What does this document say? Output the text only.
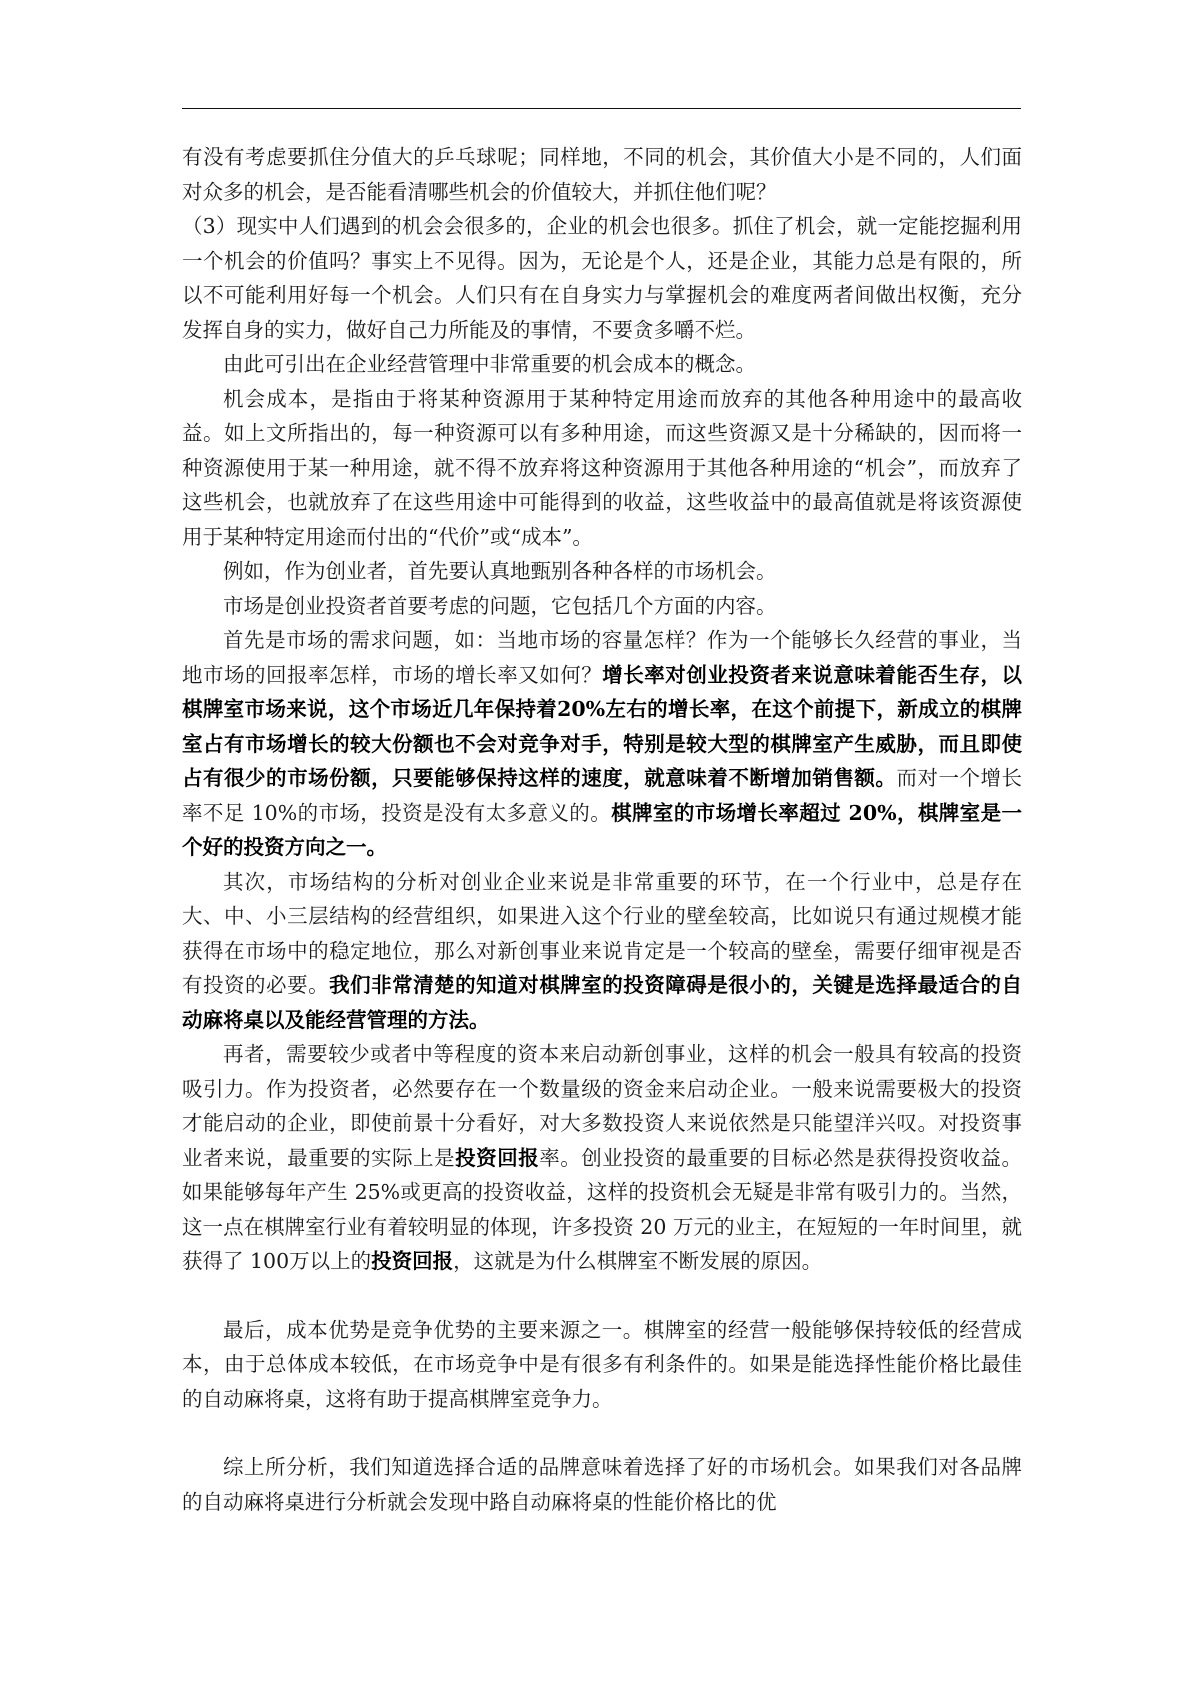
有没有考虑要抓住分值大的乒乓球呢；同样地，不同的机会，其价值大小是不同的，人们面对众多的机会，是否能看清哪些机会的价值较大，并抓住他们呢？

（3）现实中人们遇到的机会会很多的，企业的机会也很多。抓住了机会，就一定能挖掘利用一个机会的价值吗？事实上不见得。因为，无论是个人，还是企业，其能力总是有限的，所以不可能利用好每一个机会。人们只有在自身实力与掌握机会的难度两者间做出权衡，充分发挥自身的实力，做好自己力所能及的事情，不要贪多嚼不烂。

由此可引出在企业经营管理中非常重要的机会成本的概念。

机会成本，是指由于将某种资源用于某种特定用途而放弃的其他各种用途中的最高收益。如上文所指出的，每一种资源可以有多种用途，而这些资源又是十分稀缺的，因而将一种资源使用于某一种用途，就不得不放弃将这种资源用于其他各种用途的“机会”，而放弃了这些机会，也就放弃了在这些用途中可能得到的收益，这些收益中的最高值就是将该资源使用于某种特定用途而付出的“代价”或“成本”。

例如，作为创业者，首先要认真地甄别各种各样的市场机会。

市场是创业投资者首要考虑的问题，它包括几个方面的内容。

首先是市场的需求问题，如：当地市场的容量怎样？作为一个能够长久经营的事业，当地市场的回报率怎样，市场的增长率又如何？增长率对创业投资者来说意味着能否生存，以棋牌室市场来说，这个市场近几年保持着20%左右的增长率，在这个前提下，新成立的棋牌室占有市场增长的较大份额也不会对竞争对手，特别是较大型的棋牌室产生威胁，而且即使占有很少的市场份额，只要能够保持这样的速度，就意味着不断增加销售额。而对一个增长率不足 10%的市场，投资是没有太多意义的。棋牌室的市场增长率超过 20%，棋牌室是一个好的投资方向之一。

其次，市场结构的分析对创业企业来说是非常重要的环节，在一个行业中，总是存在大、中、小三层结构的经营组织，如果进入这个行业的壁垒较高，比如说只有通过规模才能获得在市场中的稳定地位，那么对新创事业来说肯定是一个较高的壁垒，需要仔细审视是否有投资的必要。我们非常清楚的知道对棋牌室的投资障碍是很小的，关键是选择最适合的自动麻将桌以及能经营管理的方法。

再者，需要较少或者中等程度的资本来启动新创事业，这样的机会一般具有较高的投资吸引力。作为投资者，必然要存在一个数量级的资金来启动企业。一般来说需要极大的投资才能启动的企业，即使前景十分看好，对大多数投资人来说依然是只能望洋兴叹。对投资事业者来说，最重要的实际上是投资回报率。创业投资的最重要的目标必然是获得投资收益。如果能够每年产生 25%或更高的投资收益，这样的投资机会无疑是非常有吸引力的。当然，这一点在棋牌室行业有着较明显的体现，许多投资 20 万元的业主，在短短的一年时间里，就获得了 100万以上的投资回报，这就是为什么棋牌室不断发展的原因。

最后，成本优势是竞争优势的主要来源之一。棋牌室的经营一般能够保持较低的经营成本，由于总体成本较低，在市场竞争中是有很多有利条件的。如果是能选择性能价格比最佳的自动麻将桌，这将有助于提高棋牌室竞争力。

综上所分析，我们知道选择合适的品牌意味着选择了好的市场机会。如果我们对各品牌的自动麻将桌进行分析就会发现中路自动麻将桌的性能价格比的优
